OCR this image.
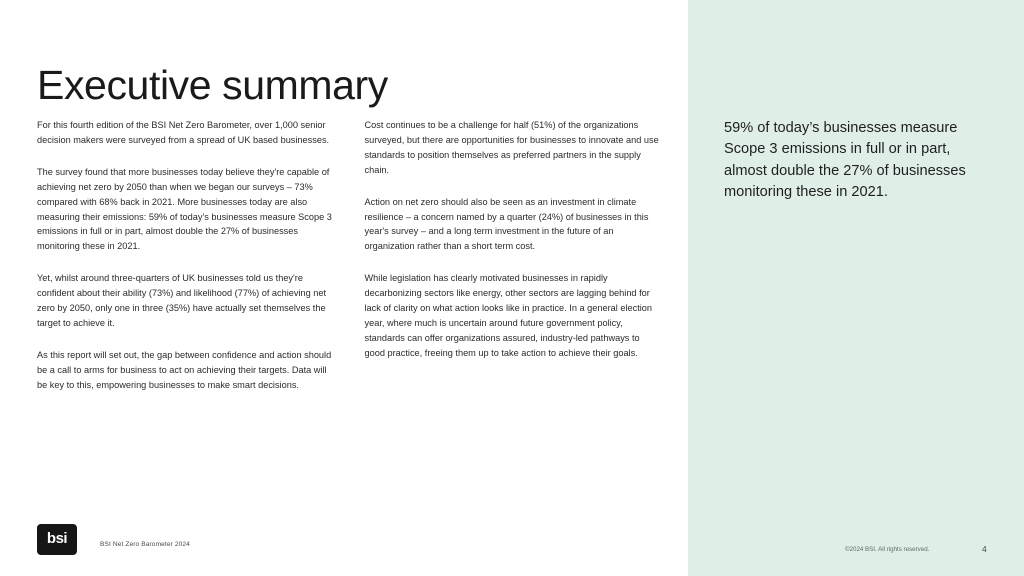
Executive summary

For this fourth edition of the BSI Net Zero Barometer, over 1,000 senior decision makers were surveyed from a spread of UK based businesses.

The survey found that more businesses today believe they're capable of achieving net zero by 2050 than when we began our surveys – 73% compared with 68% back in 2021. More businesses today are also measuring their emissions: 59% of today's businesses measure Scope 3 emissions in full or in part, almost double the 27% of businesses monitoring these in 2021.

Yet, whilst around three-quarters of UK businesses told us they're confident about their ability (73%) and likelihood (77%) of achieving net zero by 2050, only one in three (35%) have actually set themselves the target to achieve it.

As this report will set out, the gap between confidence and action should be a call to arms for business to act on achieving their targets. Data will be key to this, empowering businesses to make smart decisions.

Cost continues to be a challenge for half (51%) of the organizations surveyed, but there are opportunities for businesses to innovate and use standards to position themselves as preferred partners in the supply chain.

Action on net zero should also be seen as an investment in climate resilience – a concern named by a quarter (24%) of businesses in this year's survey – and a long term investment in the future of an organization rather than a short term cost.

While legislation has clearly motivated businesses in rapidly decarbonizing sectors like energy, other sectors are lagging behind for lack of clarity on what action looks like in practice. In a general election year, where much is uncertain around future government policy, standards can offer organizations assured, industry-led pathways to good practice, freeing them up to take action to achieve their goals.

59% of today’s businesses measure Scope 3 emissions in full or in part, almost double the 27% of businesses monitoring these in 2021.
bsi	BSI Net Zero Barometer 2024
©2024 BSI. All rights reserved.	4
